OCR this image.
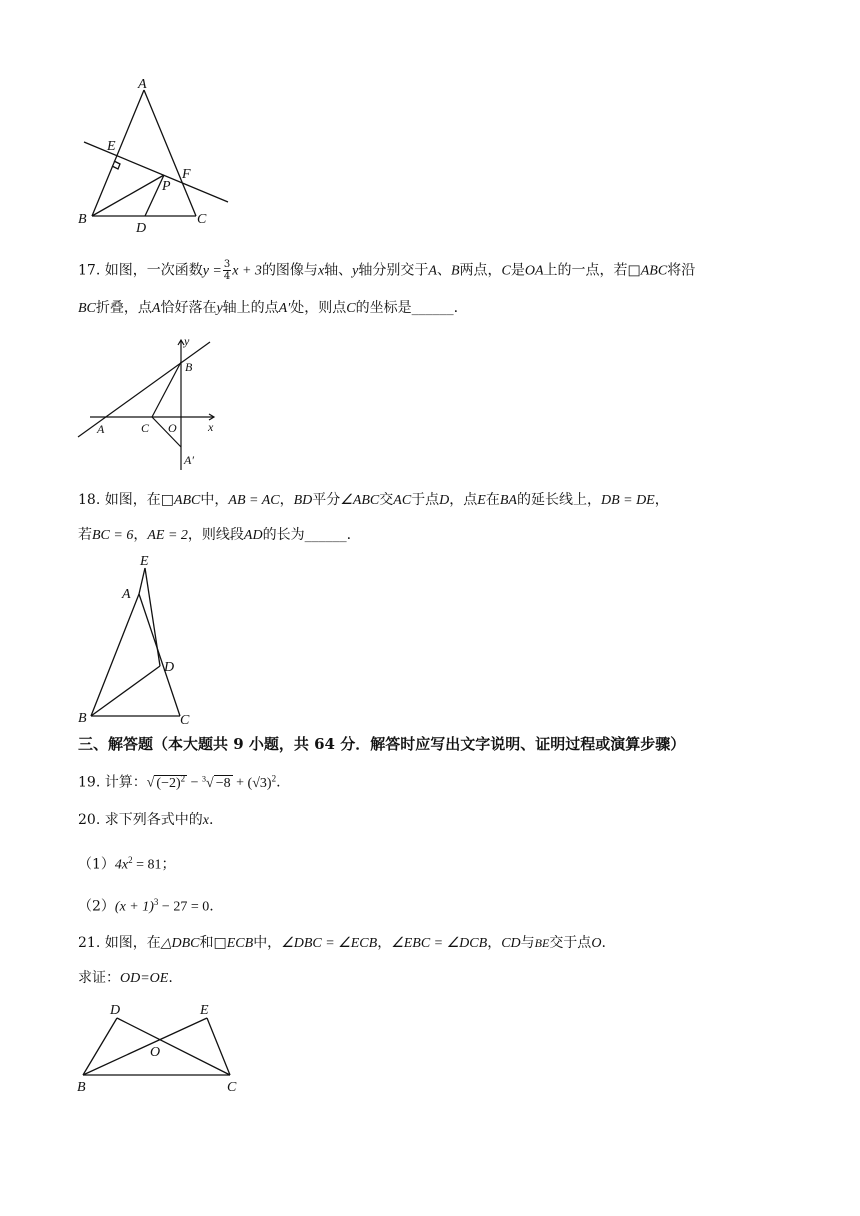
A
E
F
P
B
D
C
17. 如图，一次函数$y = \frac{3}{4}$ x + 3的图像与x轴、y轴分别交于A、B两点，C是OA上的一点，若□ABC将沿
BC折叠，点A恰好落在y轴上的点A′处，则点C的坐标是______.
y
B
A	C O	x
A′
18. 如图，在□ABC中，AB = AC，BD平分∠ABC交AC于点D，点E在BA的延长线上，DB = DE，
若BC = 6，AE = 2，则线段AD的长为______.
E
A
D
B	C
三、解答题（本大题共 9 小题，共 64 分．解答时应写出文字说明、证明过程或演算步骤）
19. 计算：√ $(-2)^2 - ^3√ -8 + (√3)^2$.
20. 求下列各式中的x.
$(1)4x^2 = 81$；
$(2)(x + 1)^3 - 27 = 0$.
21. 如图，在△DBC和□ECB中，∠DBC = ∠ECB，∠EBC = ∠DCB，CD与BE交于点O.
求证：OD=OE.
D	E
O
B	C
